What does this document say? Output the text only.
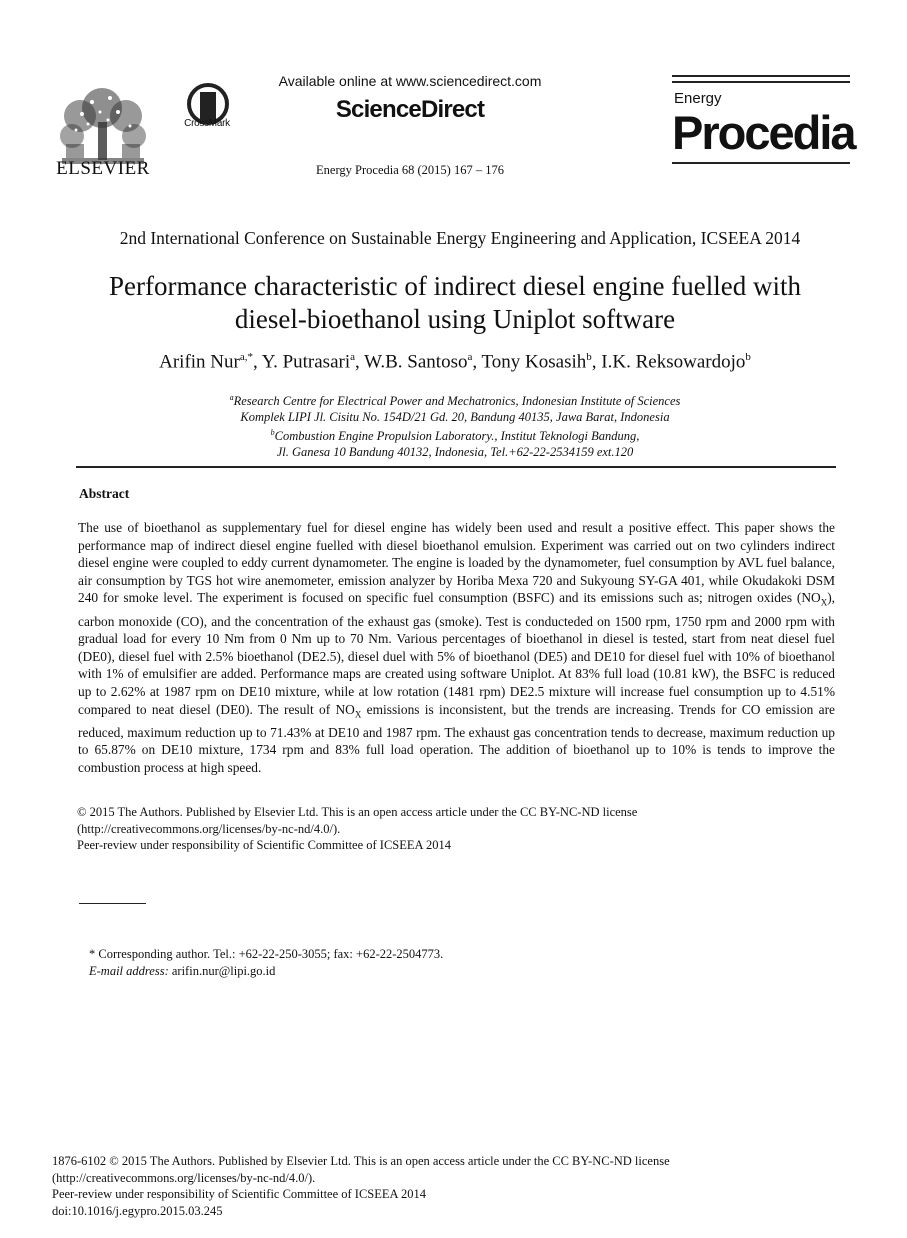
ELSEVIER
CrossMark
Available online at www.sciencedirect.com
ScienceDirect
Energy Procedia 68 (2015) 167 – 176
Energy
Procedia
2nd International Conference on Sustainable Energy Engineering and Application, ICSEEA 2014
Performance characteristic of indirect diesel engine fuelled with
diesel-bioethanol using Uniplot software
Arifin Nur$^{a,*}$, Y. Putrasari$^a$, W.B. Santoso$^a$, Tony Kosasih$^b$, I.K. Reksowardojo$^b$
$^a$Research Centre for Electrical Power and Mechatronics, Indonesian Institute of Sciences
Komplek LIPI Jl. Cisitu No. 154D/21 Gd. 20, Bandung 40135, Jawa Barat, Indonesia
$^b$Combustion Engine Propulsion Laboratory., Institut Teknologi Bandung,
Jl. Ganesa 10 Bandung 40132, Indonesia, Tel.+62-22-2534159 ext.120
Abstract
The use of bioethanol as supplementary fuel for diesel engine has widely been used and result a positive effect. This paper shows the performance map of indirect diesel engine fuelled with diesel bioethanol emulsion. Experiment was carried out on two cylinders indirect diesel engine were coupled to eddy current dynamometer. The engine is loaded by the dynamometer, fuel consumption by AVL fuel balance, air consumption by TGS hot wire anemometer, emission analyzer by Horiba Mexa 720 and Sukyoung SY-GA 401, while Okudakoki DSM 240 for smoke level. The experiment is focused on specific fuel consumption (BSFC) and its emissions such as; nitrogen oxides $(NO_X)$, carbon monoxide (CO), and the concentration of the exhaust gas (smoke). Test is conducteded on 1500 rpm, 1750 rpm and 2000 rpm with gradual load for every 10 Nm from 0 Nm up to 70 Nm. Various percentages of bioethanol in diesel is tested, start from neat diesel fuel (DE0), diesel fuel with 2.5% bioethanol (DE2.5), diesel duel with 5% of bioethanol (DE5) and DE10 for diesel fuel with 10% of bioethanol with 1% of emulsifier are added. Performance maps are created using software Uniplot. At 83% full load (10.81 kW), the BSFC is reduced up to 2.62% at 1987 rpm on DE10 mixture, while at low rotation (1481 rpm) DE2.5 mixture will increase fuel consumption up to 4.51% compared to neat diesel (DE0). The result of $NO_X$ emissions is inconsistent, but the trends are increasing. Trends for CO emission are reduced, maximum reduction up to 71.43% at DE10 and 1987 rpm. The exhaust gas concentration tends to decrease, maximum reduction up to 65.87% on DE10 mixture, 1734 rpm and 83% full load operation. The addition of bioethanol up to 10% is tends to improve the combustion process at high speed.
© 2015 The Authors. Published by Elsevier Ltd. This is an open access article under the CC BY-NC-ND license
(http://creativecommons.org/licenses/by-nc-nd/4.0/).
Peer-review under responsibility of Scientific Committee of ICSEEA 2014
* Corresponding author. Tel.: +62-22-250-3055; fax: +62-22-2504773.
E-mail address: arifin.nur@lipi.go.id
1876-6102 © 2015 The Authors. Published by Elsevier Ltd. This is an open access article under the CC BY-NC-ND license
(http://creativecommons.org/licenses/by-nc-nd/4.0/).
Peer-review under responsibility of Scientific Committee of ICSEEA 2014
doi:10.1016/j.egypro.2015.03.245
